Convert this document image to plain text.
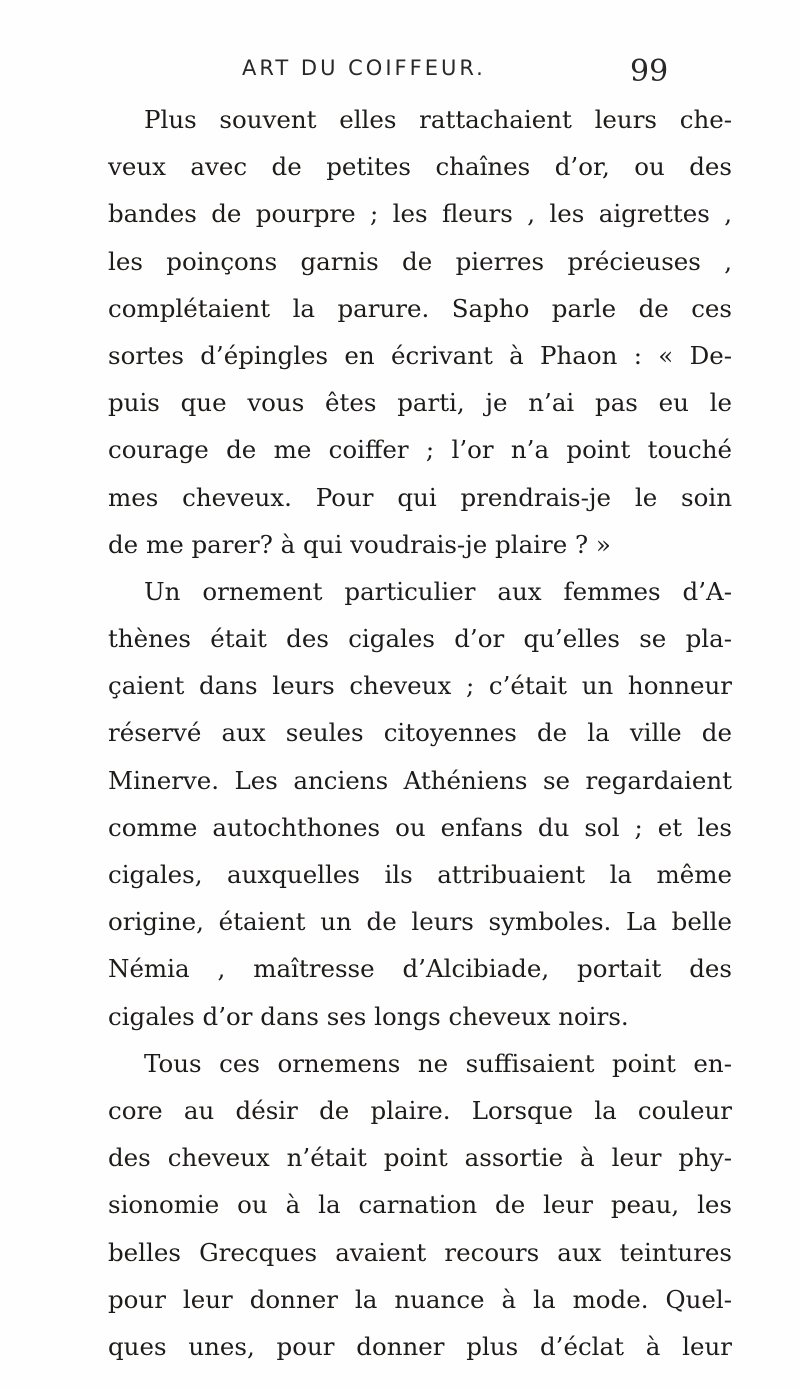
ART DU COIFFEUR.	99
Plus souvent elles rattachaient leurs che-
veux avec de petites chaînes d’or, ou des
bandes de pourpre ; les fleurs , les aigrettes ,
les poinçons garnis de pierres précieuses ,
complétaient la parure. Sapho parle de ces
sortes d’épingles en écrivant à Phaon : « De-
puis que vous êtes parti, je n’ai pas eu le
courage de me coiffer ; l’or n’a point touché
mes cheveux. Pour qui prendrais-je le soin
de me parer? à qui voudrais-je plaire ? »
Un ornement particulier aux femmes d’A-
thènes était des cigales d’or qu’elles se pla-
çaient dans leurs cheveux ; c’était un honneur
réservé aux seules citoyennes de la ville de
Minerve. Les anciens Athéniens se regardaient
comme autochthones ou enfans du sol ; et les
cigales, auxquelles ils attribuaient la même
origine, étaient un de leurs symboles. La belle
Némia , maîtresse d’Alcibiade, portait des
cigales d’or dans ses longs cheveux noirs.
Tous ces ornemens ne suffisaient point en-
core au désir de plaire. Lorsque la couleur
des cheveux n’était point assortie à leur phy-
sionomie ou à la carnation de leur peau, les
belles Grecques avaient recours aux teintures
pour leur donner la nuance à la mode. Quel-
ques unes, pour donner plus d’éclat à leur
